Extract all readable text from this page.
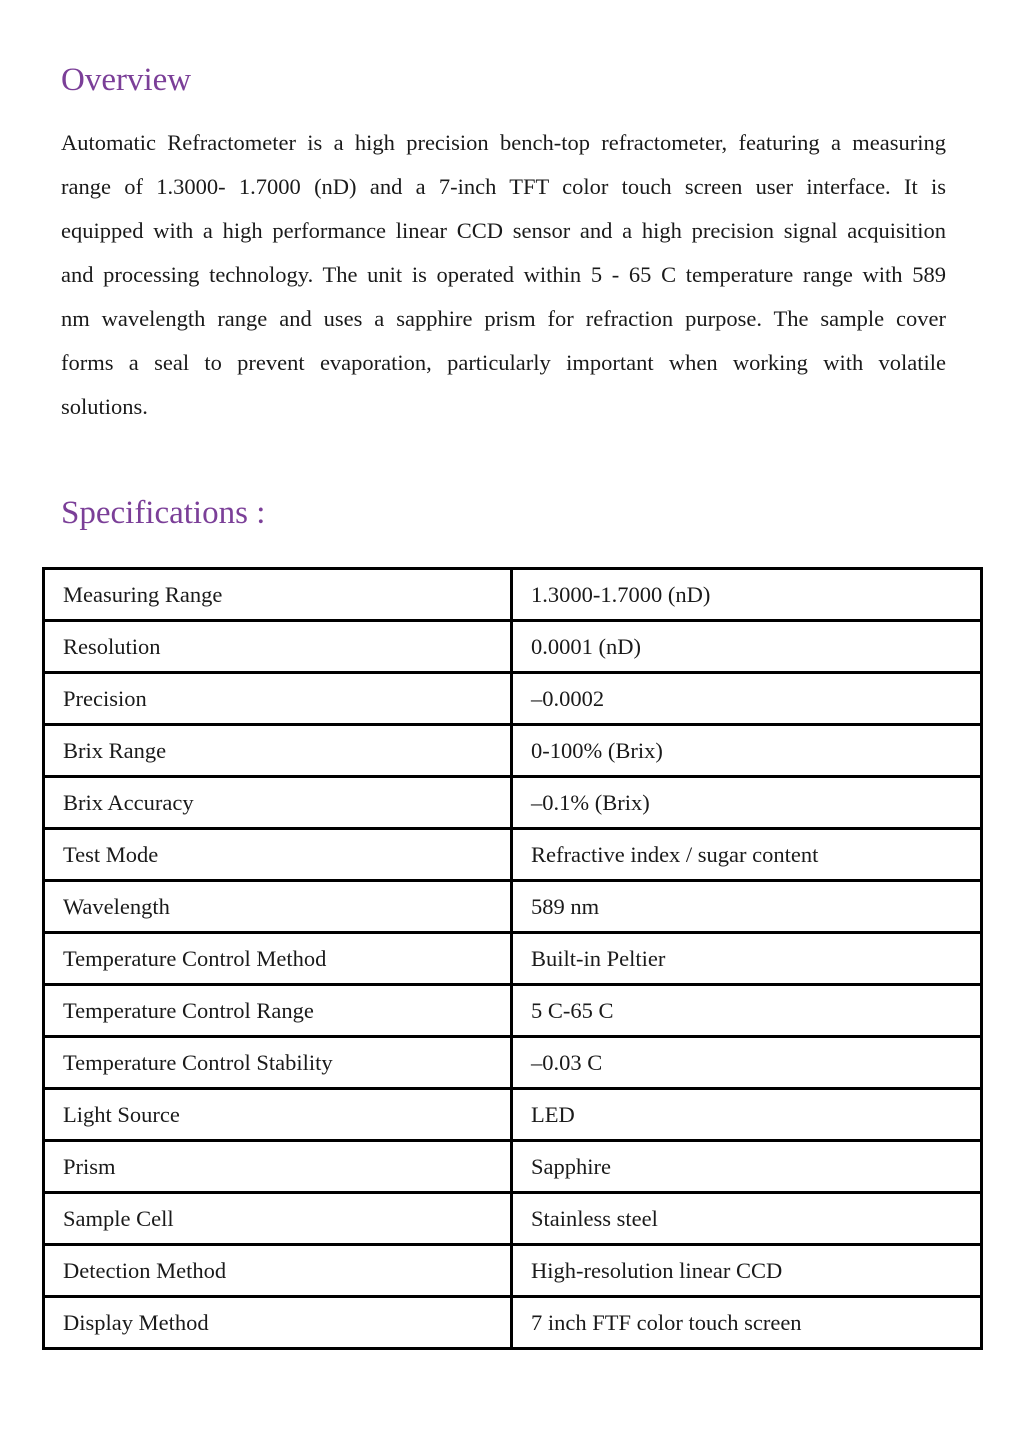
Overview

Automatic Refractometer is a high precision bench-top refractometer, featuring a measuring range of 1.3000- 1.7000 (nD) and a 7-inch TFT color touch screen user interface. It is equipped with a high performance linear CCD sensor and a high precision signal acquisition and processing technology. The unit is operated within 5 - 65 C temperature range with 589 nm wavelength range and uses a sapphire prism for refraction purpose. The sample cover forms a seal to prevent evaporation, particularly important when working with volatile solutions.

Specifications :
Measuring Range	1.3000-1.7000 (nD)
Resolution	0.0001 (nD)
Precision	–0.0002
Brix Range	0-100% (Brix)
Brix Accuracy	–0.1% (Brix)
Test Mode	Refractive index / sugar content
Wavelength	589 nm
Temperature Control Method	Built-in Peltier
Temperature Control Range	5 C-65 C
Temperature Control Stability	–0.03 C
Light Source	LED
Prism	Sapphire
Sample Cell	Stainless steel
Detection Method	High-resolution linear CCD
Display Method	7 inch FTF color touch screen
